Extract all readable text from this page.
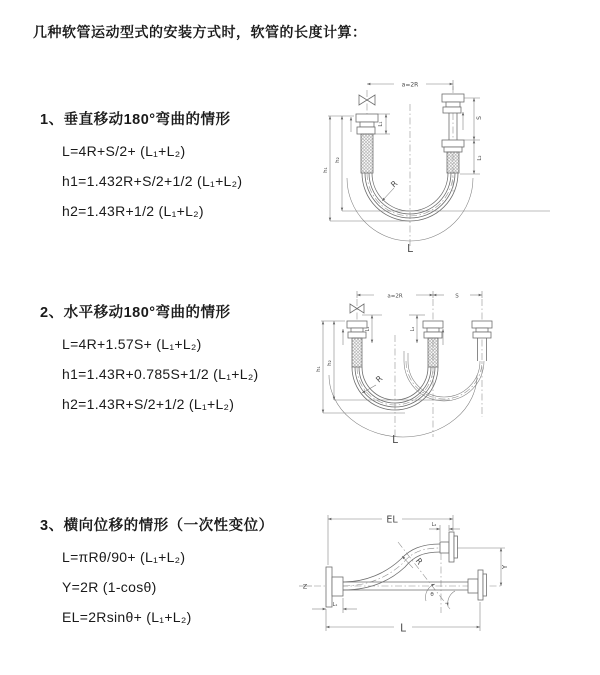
几种软管运动型式的安装方式时，软管的长度计算：
1、垂直移动180°弯曲的情形
L=4R+S/2+ (L₁+L₂)
h1=1.432R+S/2+1/2 (L₁+L₂)
h2=1.43R+1/2 (L₁+L₂)
2、水平移动180°弯曲的情形
L=4R+1.57S+ (L₁+L₂)
h1=1.43R+0.785S+1/2 (L₁+L₂)
h2=1.43R+S/2+1/2 (L₁+L₂)
3、横向位移的情形（一次性变位）
L=πRθ/90+ (L₁+L₂)
Y=2R (1-cosθ)
EL=2Rsinθ+ (L₁+L₂)
a=2R
L₁
S
L₂
h₁
h₂
R
L
a=2R	S
L₁	L₂
h₁
h₂
R
L
EL	L₂
Y
R
θ
Z
L₁
L
